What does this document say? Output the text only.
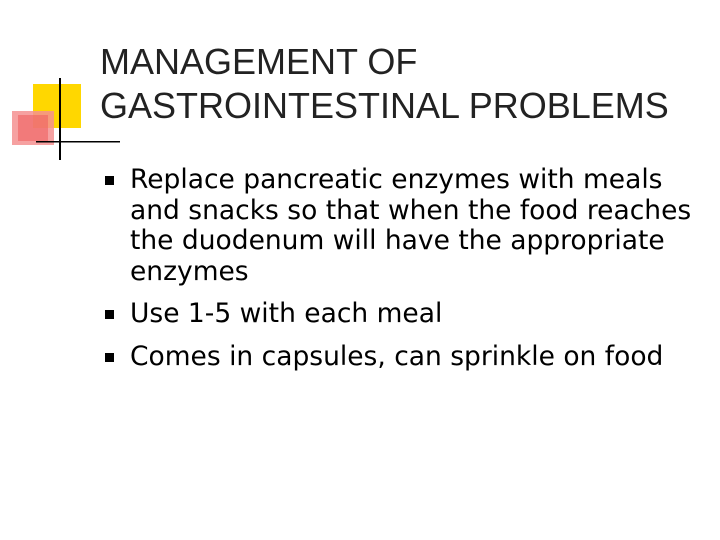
MANAGEMENT OF
GASTROINTESTINAL PROBLEMS
Replace pancreatic enzymes with meals and snacks so that when the food reaches the duodenum will have the appropriate enzymes
Use 1-5 with each meal
Comes in capsules, can sprinkle on food
